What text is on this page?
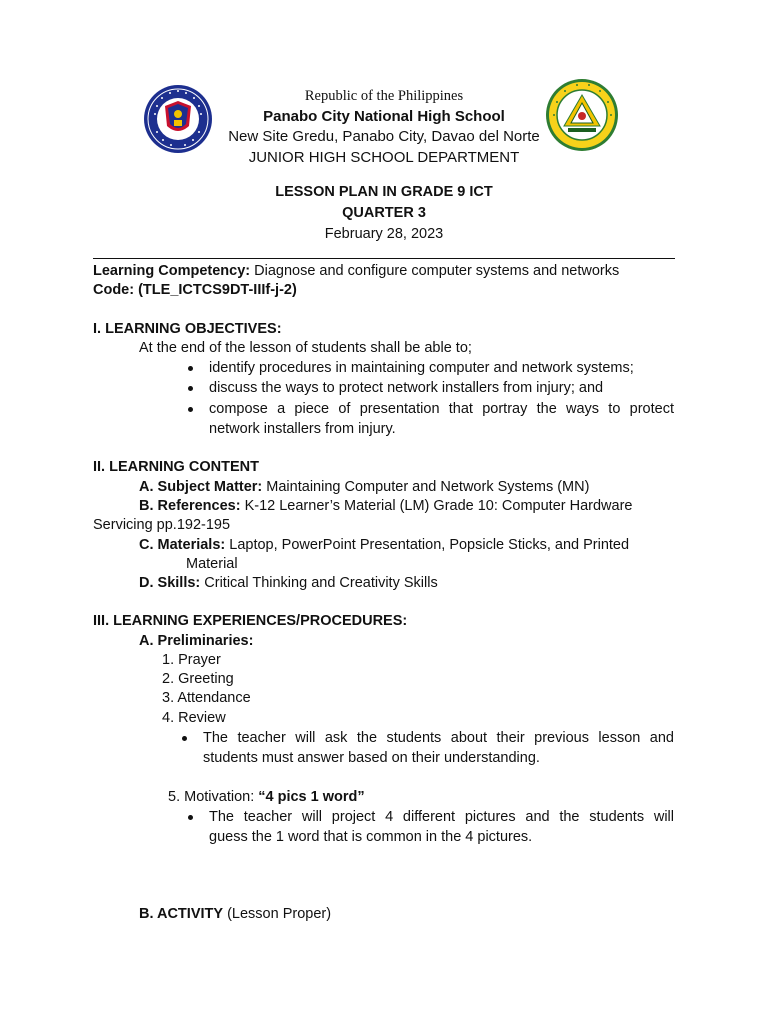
Republic of the Philippines
Panabo City National High School
New Site Gredu, Panabo City, Davao del Norte
JUNIOR HIGH SCHOOL DEPARTMENT
LESSON PLAN IN GRADE 9 ICT
QUARTER 3
February 28, 2023
Learning Competency: Diagnose and configure computer systems and networks
Code: (TLE_ICTCS9DT-IIIf-j-2)
I. LEARNING OBJECTIVES:
At the end of the lesson of students shall be able to;
identify procedures in maintaining computer and network systems;
discuss the ways to protect network installers from injury; and
compose a piece of presentation that portray the ways to protect
network installers from injury.
II. LEARNING CONTENT
A. Subject Matter: Maintaining Computer and Network Systems (MN)
B. References: K-12 Learner’s Material (LM) Grade 10: Computer Hardware
Servicing pp.192-195
C. Materials: Laptop, PowerPoint Presentation, Popsicle Sticks, and Printed
Material
D. Skills: Critical Thinking and Creativity Skills
III. LEARNING EXPERIENCES/PROCEDURES:
A. Preliminaries:
1. Prayer
2. Greeting
3. Attendance
4. Review
The teacher will ask the students about their previous lesson and
students must answer based on their understanding.
5. Motivation: “4 pics 1 word”
The teacher will project 4 different pictures and the students will
guess the 1 word that is common in the 4 pictures.
B. ACTIVITY (Lesson Proper)
